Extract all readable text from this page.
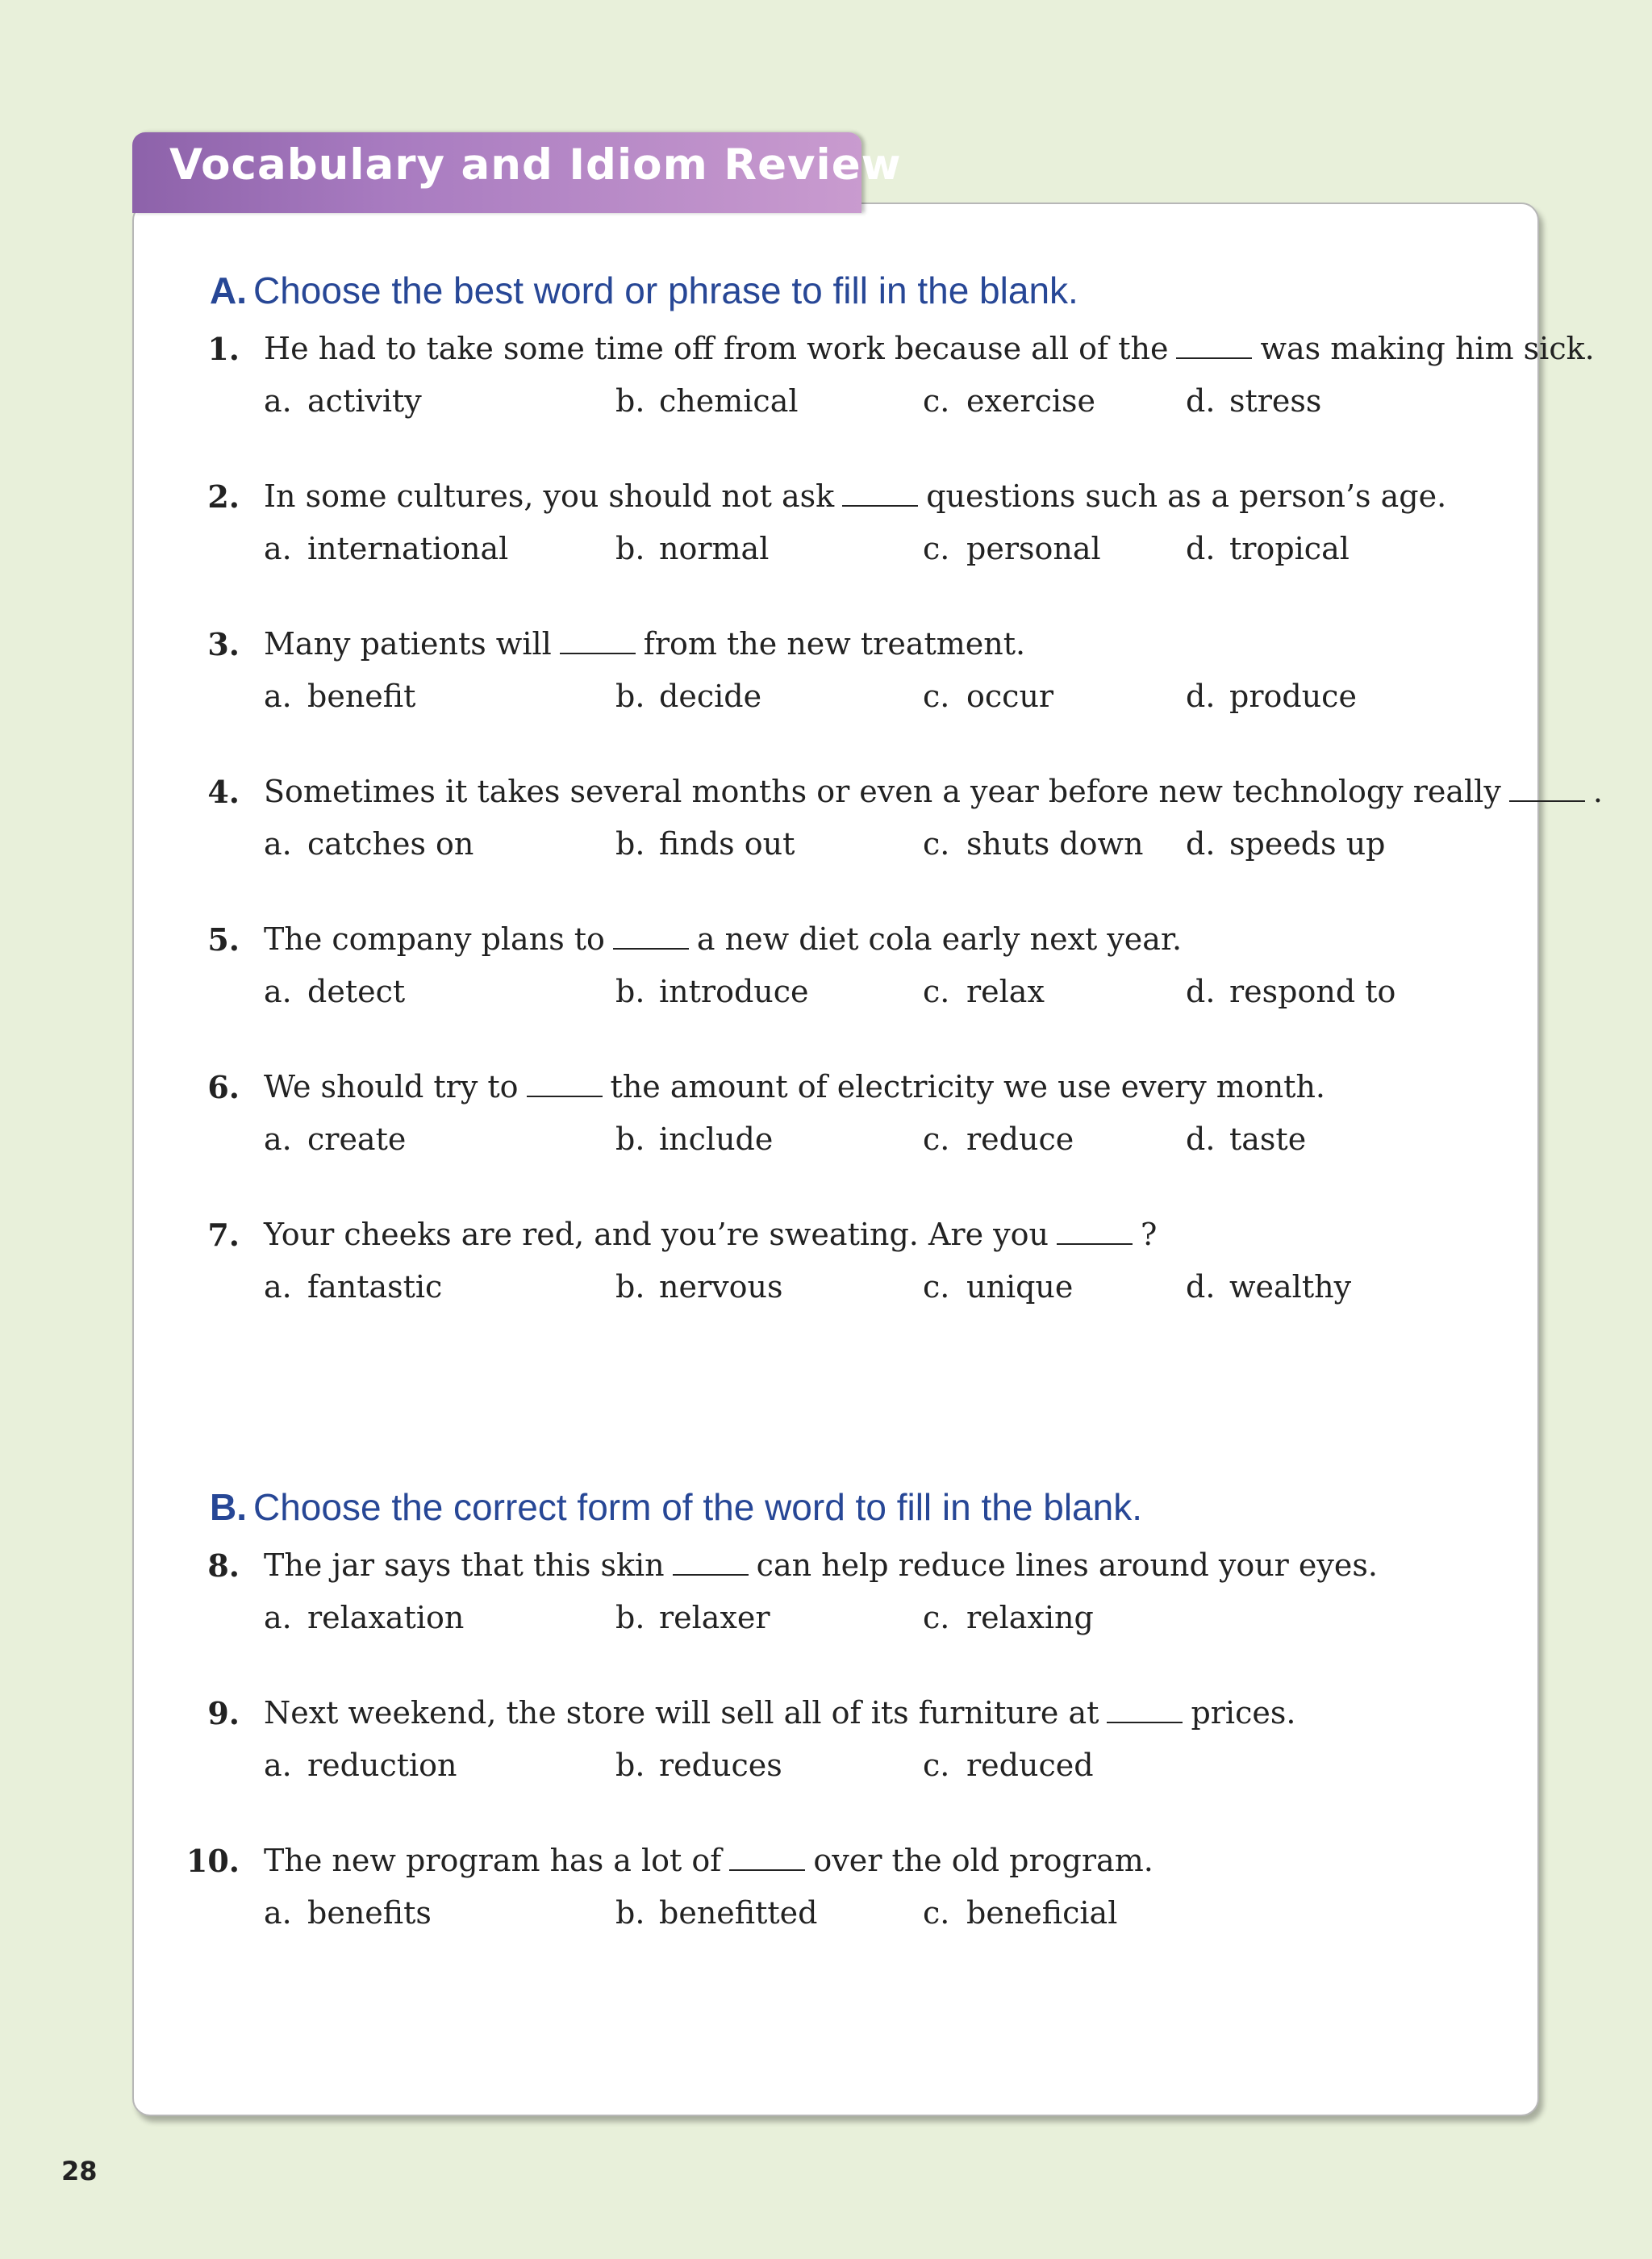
Vocabulary and Idiom Review
A. Choose the best word or phrase to fill in the blank.
1. He had to take some time off from work because all of the	was making him sick.
a. activity	b. chemical	c. exercise	d. stress
2. In some cultures, you should not ask	questions such as a person’s age.
a. international	b. normal	c. personal	d. tropical
3. Many patients will	from the new treatment.
a. benefit	b. decide	c. occur	d. produce
4. Sometimes it takes several months or even a year before new technology really	.
a. catches on	b. finds out	c. shuts down d. speeds up
5. The company plans to	a new diet cola early next year.
a. detect	b. introduce	c. relax	d. respond to
6. We should try to	the amount of electricity we use every month.
a. create	b. include	c. reduce	d. taste
7. Your cheeks are red, and you’re sweating. Are you	?
a. fantastic	b. nervous	c. unique	d. wealthy
B. Choose the correct form of the word to fill in the blank.
8. The jar says that this skin	can help reduce lines around your eyes.
a. relaxation	b. relaxer	c. relaxing
9. Next weekend, the store will sell all of its furniture at	prices.
a. reduction	b. reduces	c. reduced
10. The new program has a lot of	over the old program.
a. benefits	b. benefitted	c. beneficial
28
